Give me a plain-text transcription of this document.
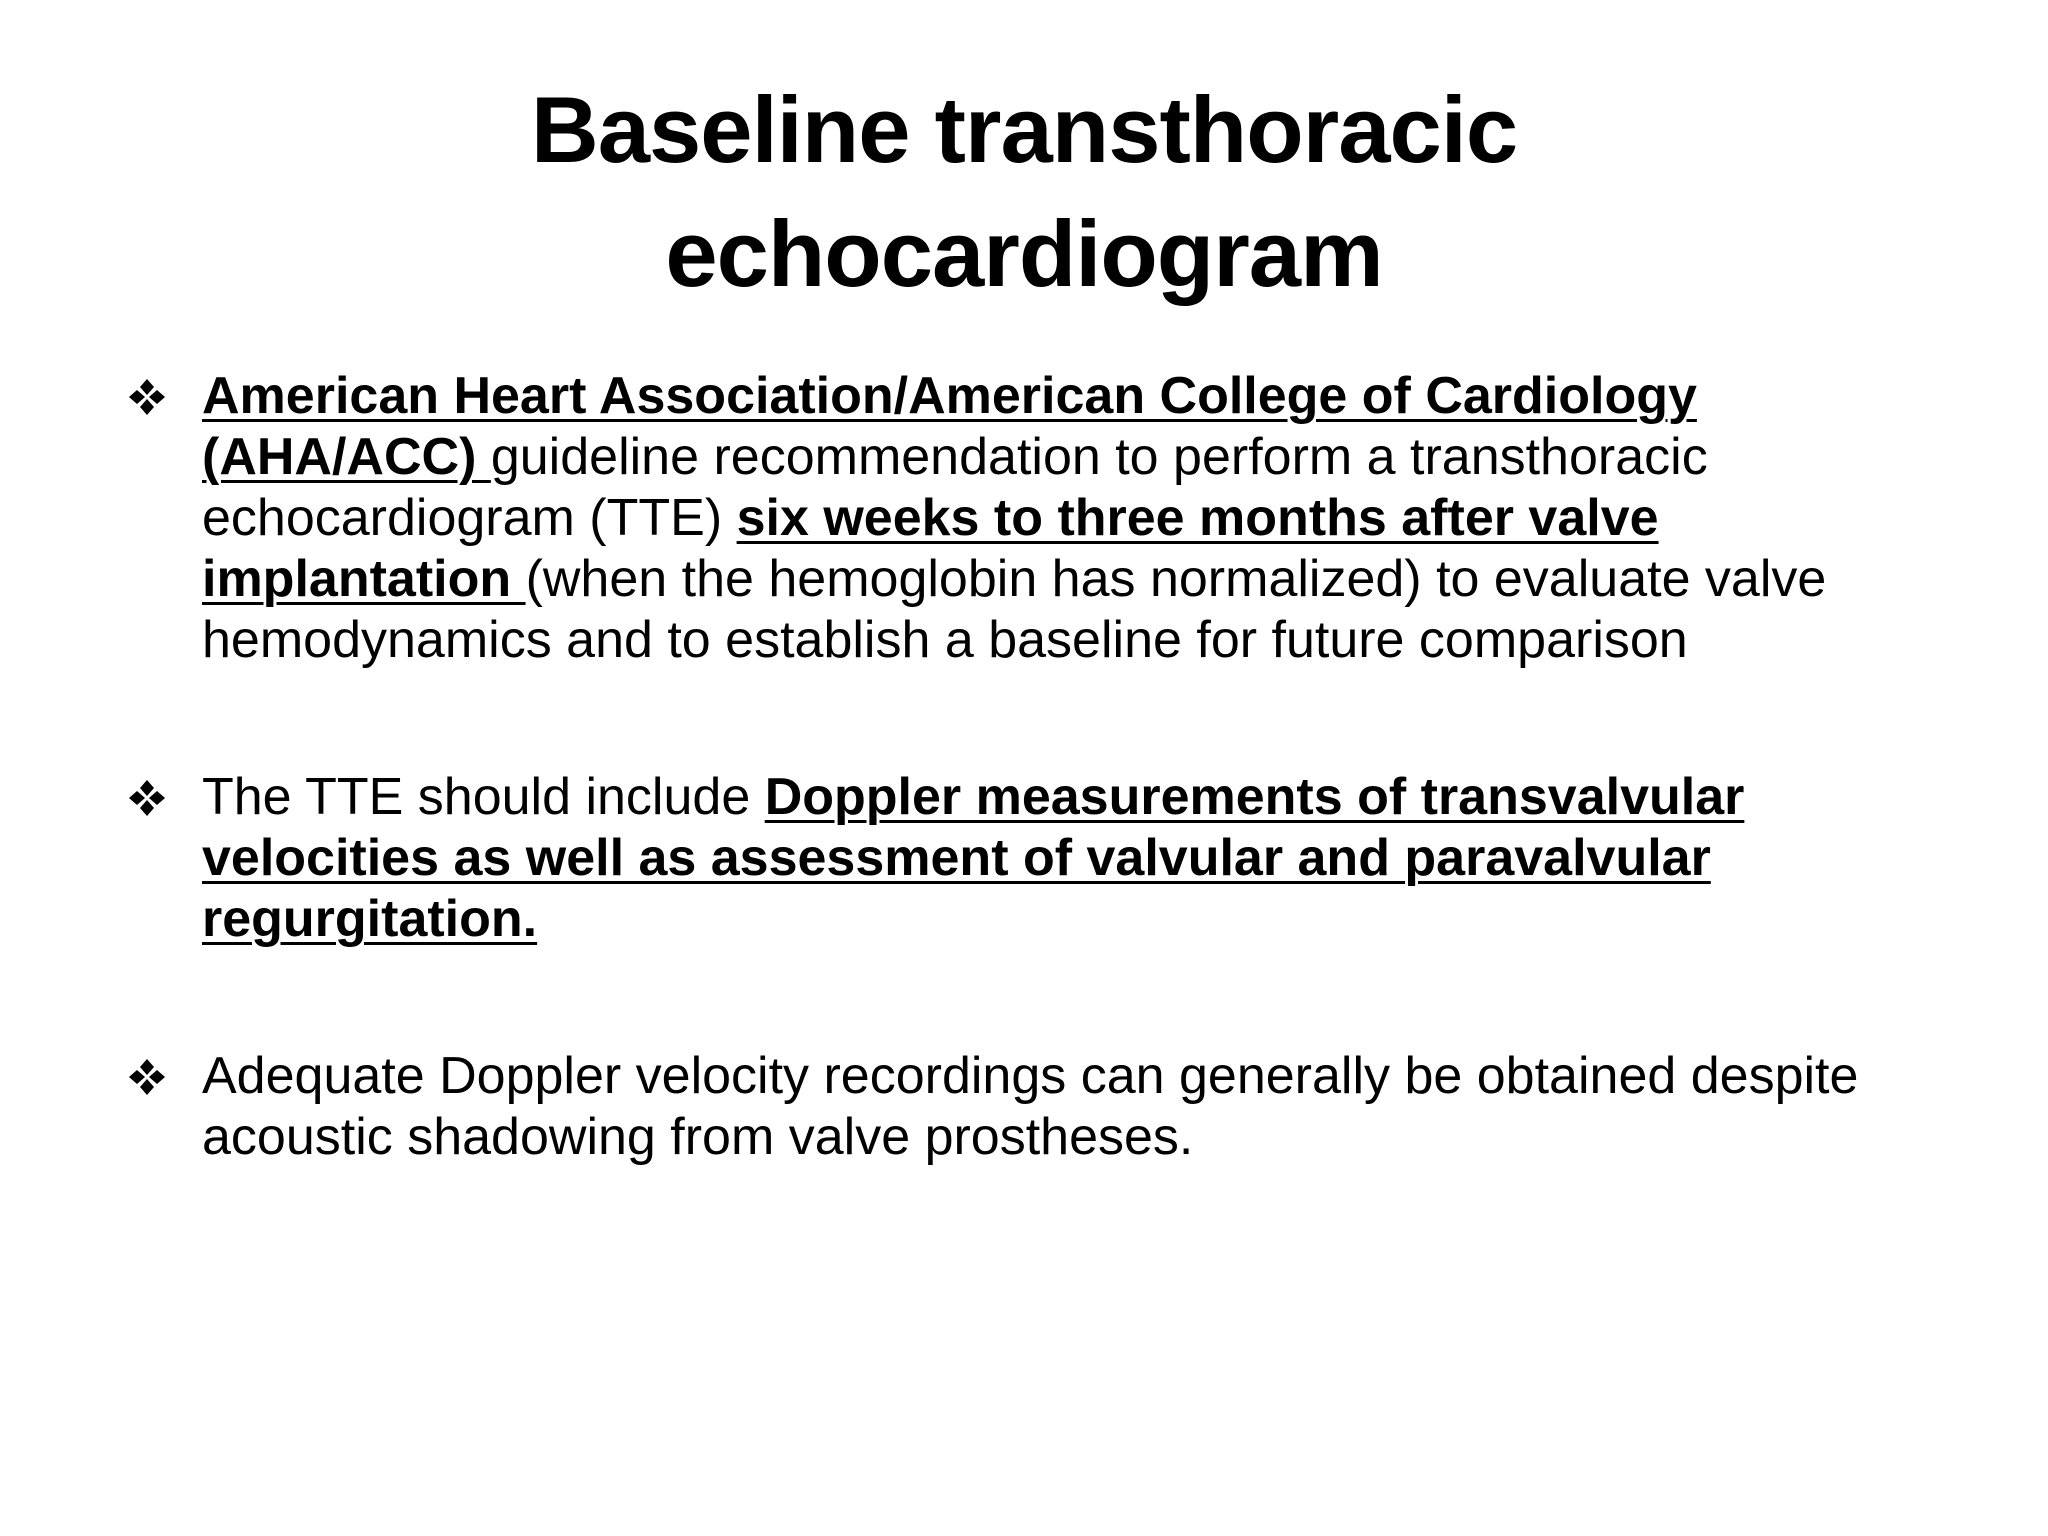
Baseline transthoracic
echocardiogram
American Heart Association/American College of Cardiology (AHA/ACC) guideline recommendation to perform a transthoracic echocardiogram (TTE) six weeks to three months after valve implantation (when the hemoglobin has normalized) to evaluate valve hemodynamics and to establish a baseline for future comparison
The TTE should include Doppler measurements of transvalvular velocities as well as assessment of valvular and paravalvular regurgitation.
Adequate Doppler velocity recordings can generally be obtained despite acoustic shadowing from valve prostheses.
